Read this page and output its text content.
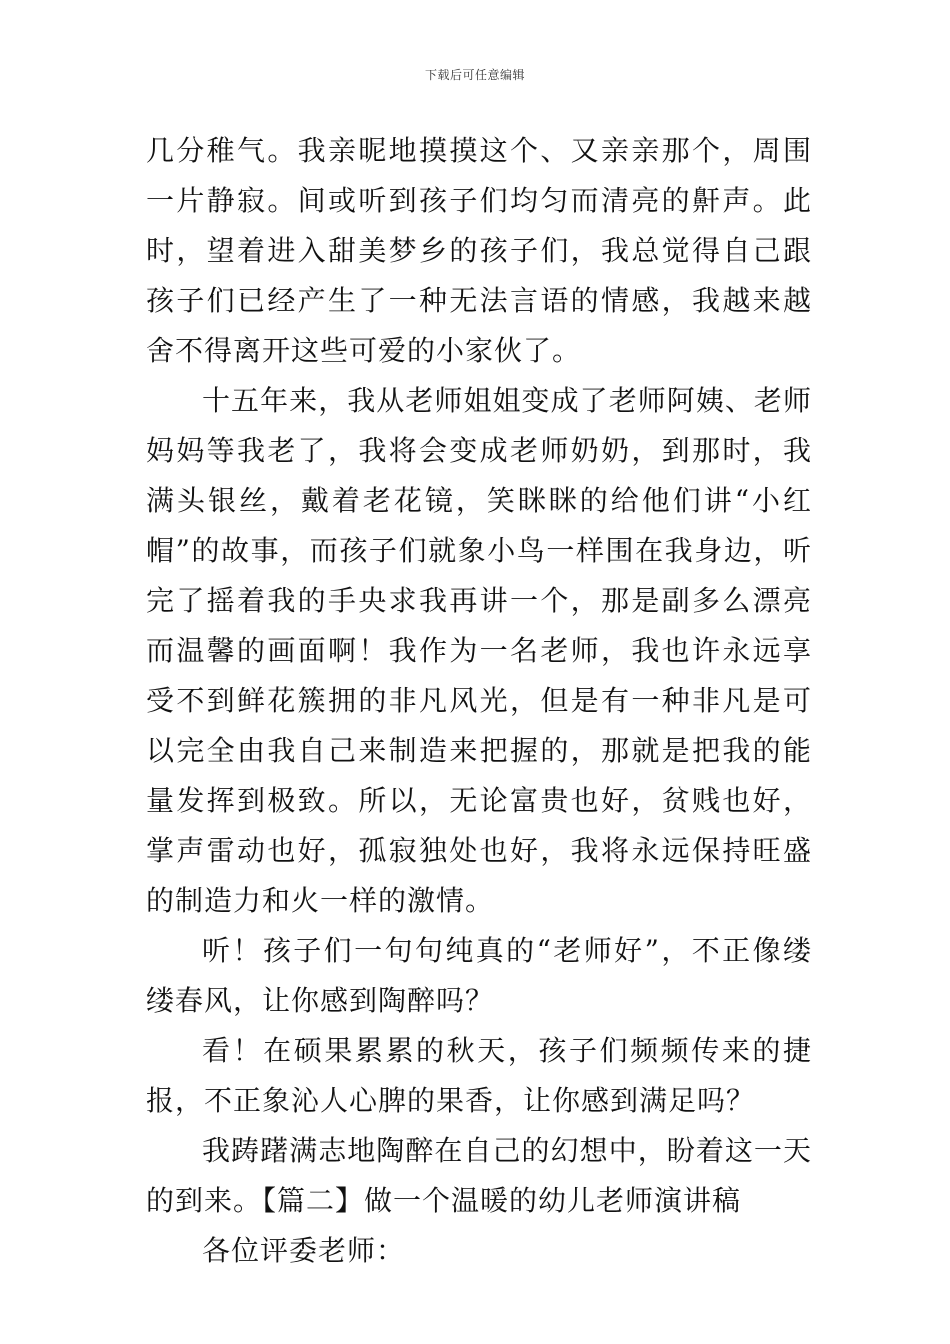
下载后可任意编辑

几分稚气。我亲昵地摸摸这个、又亲亲那个，周围一片静寂。间或听到孩子们均匀而清亮的鼾声。此时，望着进入甜美梦乡的孩子们，我总觉得自己跟孩子们已经产生了一种无法言语的情感，我越来越舍不得离开这些可爱的小家伙了。

十五年来，我从老师姐姐变成了老师阿姨、老师妈妈等我老了，我将会变成老师奶奶，到那时，我满头银丝，戴着老花镜，笑眯眯的给他们讲“小红帽”的故事，而孩子们就象小鸟一样围在我身边，听完了摇着我的手央求我再讲一个，那是副多么漂亮而温馨的画面啊！我作为一名老师，我也许永远享受不到鲜花簇拥的非凡风光，但是有一种非凡是可以完全由我自己来制造来把握的，那就是把我的能量发挥到极致。所以，无论富贵也好，贫贱也好，掌声雷动也好，孤寂独处也好，我将永远保持旺盛的制造力和火一样的激情。

听！孩子们一句句纯真的“老师好”，不正像缕缕春风，让你感到陶醉吗？

看！在硕果累累的秋天，孩子们频频传来的捷报，不正象沁人心脾的果香，让你感到满足吗？

我踌躇满志地陶醉在自己的幻想中，盼着这一天的到来。【篇二】做一个温暖的幼儿老师演讲稿

各位评委老师：
